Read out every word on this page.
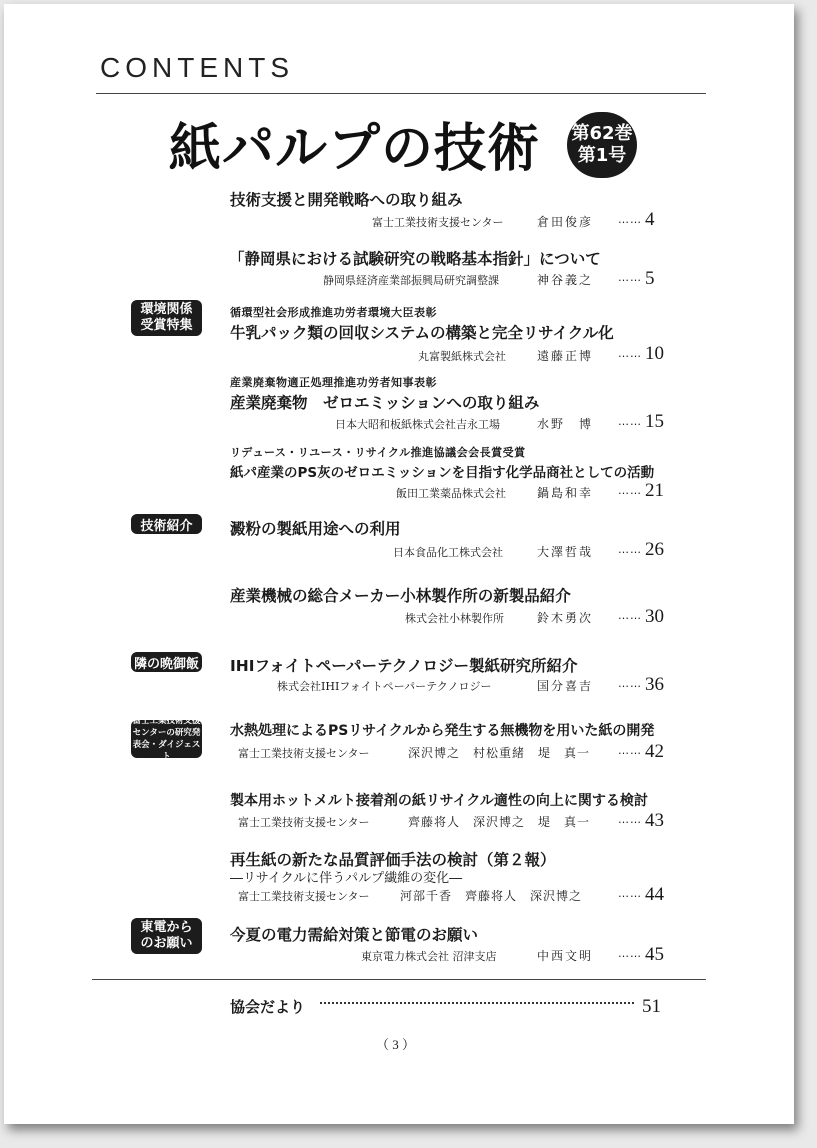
CONTENTS
紙パルプの技術 第62巻
第1号
環境関係
受賞特集
技術紹介
隣の晩御飯
富士工業技術支援
センターの研究発
表会・ダイジェスト
東電から
のお願い
技術支援と開発戦略への取り組み
富士工業技術支援センター	倉田俊彦 …… 4
「静岡県における試験研究の戦略基本指針」について
静岡県経済産業部振興局研究調整課	神谷義之 …… 5
循環型社会形成推進功労者環境大臣表彰
牛乳パック類の回収システムの構築と完全リサイクル化
丸富製紙株式会社	遠藤正博 …… 10
産業廃棄物適正処理推進功労者知事表彰
産業廃棄物　ゼロエミッションへの取り組み
日本大昭和板紙株式会社吉永工場	水野　博 …… 15
リデュース・リユース・リサイクル推進協議会会長賞受賞
紙パ産業のPS灰のゼロエミッションを目指す化学品商社としての活動
飯田工業薬品株式会社	鍋島和幸 …… 21
澱粉の製紙用途への利用
日本食品化工株式会社	大澤哲哉 …… 26
産業機械の総合メーカー小林製作所の新製品紹介
株式会社小林製作所	鈴木勇次 …… 30
IHIフォイトペーパーテクノロジー製紙研究所紹介
株式会社IHIフォイトペーパーテクノロジー	国分喜吉 …… 36
水熱処理によるPSリサイクルから発生する無機物を用いた紙の開発
富士工業技術支援センター	深沢博之　村松重緒　堤　真一	…… 42
製本用ホットメルト接着剤の紙リサイクル適性の向上に関する検討
富士工業技術支援センター	齊藤将人　深沢博之　堤　真一	…… 43
再生紙の新たな品質評価手法の検討（第２報）
―リサイクルに伴うパルプ繊維の変化―
富士工業技術支援センター	河部千香　齊藤将人　深沢博之	…… 44
今夏の電力需給対策と節電のお願い
東京電力株式会社 沼津支店	中西文明 …… 45
協会だより	51
（ 3 ）
